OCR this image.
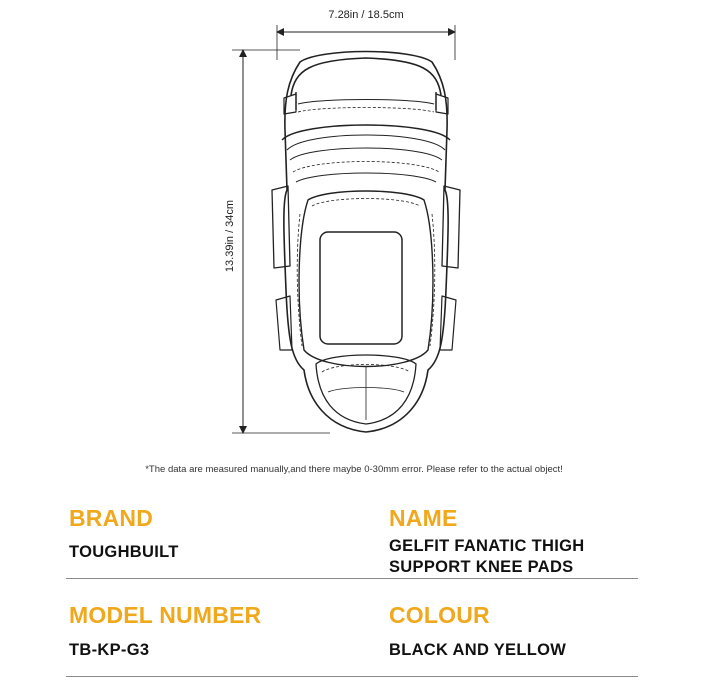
7.28in / 18.5cm
13.39in / 34cm
*The data are measured manually,and there maybe 0-30mm error. Please refer to the actual object!
BRAND
TOUGHBUILT
NAME
GELFIT FANATIC THIGH
SUPPORT KNEE PADS
MODEL NUMBER
TB-KP-G3
COLOUR
BLACK AND YELLOW
